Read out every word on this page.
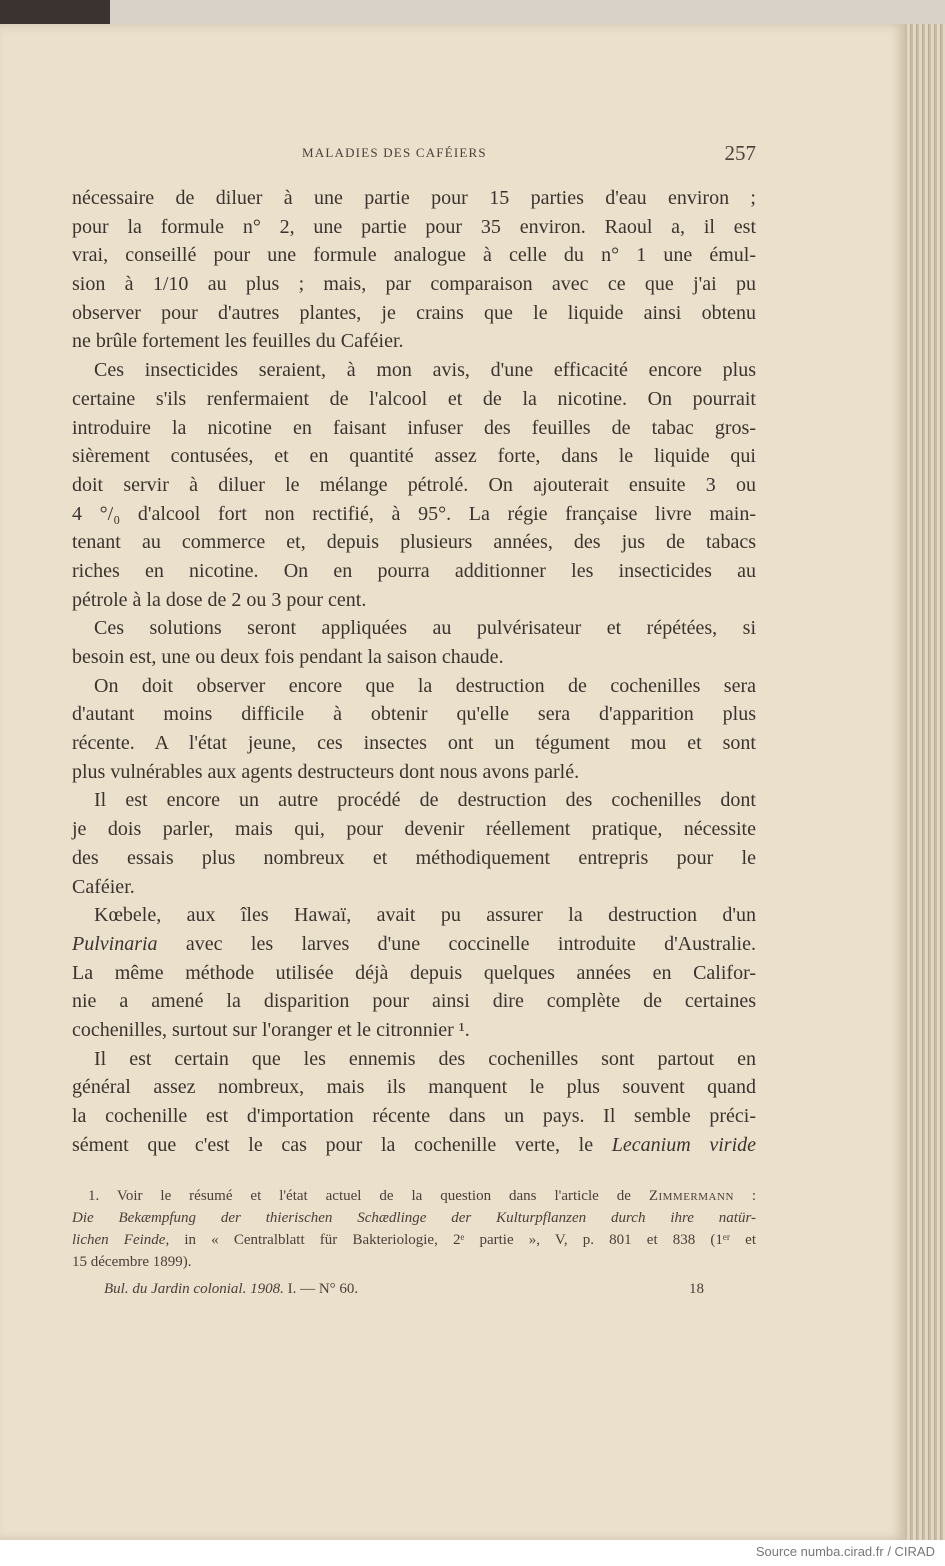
MALADIES DES CAFÉIERS	257
nécessaire de diluer à une partie pour 15 parties d'eau environ ;
pour la formule n° 2, une partie pour 35 environ. Raoul a, il est
vrai, conseillé pour une formule analogue à celle du n° 1 une émul-
sion à 1/10 au plus ; mais, par comparaison avec ce que j'ai pu
observer pour d'autres plantes, je crains que le liquide ainsi obtenu
ne brûle fortement les feuilles du Caféier.
Ces insecticides seraient, à mon avis, d'une efficacité encore plus
certaine s'ils renfermaient de l'alcool et de la nicotine. On pourrait
introduire la nicotine en faisant infuser des feuilles de tabac gros-
sièrement contusées, et en quantité assez forte, dans le liquide qui
doit servir à diluer le mélange pétrolé. On ajouterait ensuite 3 ou
4 °/₀ d'alcool fort non rectifié, à 95°. La régie française livre main-
tenant au commerce et, depuis plusieurs années, des jus de tabacs
riches en nicotine. On en pourra additionner les insecticides au
pétrole à la dose de 2 ou 3 pour cent.
Ces solutions seront appliquées au pulvérisateur et répétées, si
besoin est, une ou deux fois pendant la saison chaude.
On doit observer encore que la destruction de cochenilles sera
d'autant moins difficile à obtenir qu'elle sera d'apparition plus
récente. A l'état jeune, ces insectes ont un tégument mou et sont
plus vulnérables aux agents destructeurs dont nous avons parlé.
Il est encore un autre procédé de destruction des cochenilles dont
je dois parler, mais qui, pour devenir réellement pratique, nécessite
des essais plus nombreux et méthodiquement entrepris pour le
Caféier.
Kœbele, aux îles Hawaï, avait pu assurer la destruction d'un
Pulvinaria avec les larves d'une coccinelle introduite d'Australie.
La même méthode utilisée déjà depuis quelques années en Califor-
nie a amené la disparition pour ainsi dire complète de certaines
cochenilles, surtout sur l'oranger et le citronnier ¹.
Il est certain que les ennemis des cochenilles sont partout en
général assez nombreux, mais ils manquent le plus souvent quand
la cochenille est d'importation récente dans un pays. Il semble préci-
sément que c'est le cas pour la cochenille verte, le Lecanium viride
1. Voir le résumé et l'état actuel de la question dans l'article de Zimmermann :
Die Bekæmpfung der thierischen Schædlinge der Kulturpflanzen durch ihre natür-
lichen Feinde, in « Centralblatt für Bakteriologie, 2ᵉ partie », V, p. 801 et 838 (1ᵉʳ et
15 décembre 1899).
Bul. du Jardin colonial. 1908. I. — N° 60.	18
Source numba.cirad.fr / CIRAD
